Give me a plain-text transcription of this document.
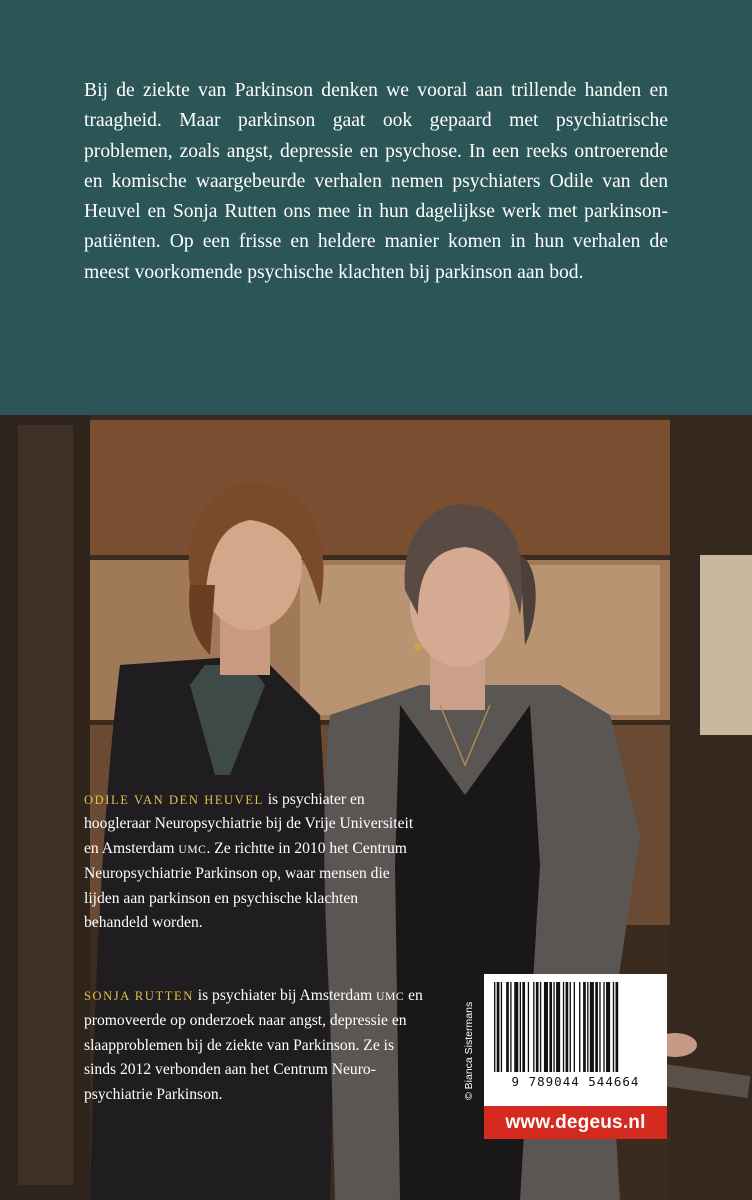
Bij de ziekte van Parkinson denken we vooral aan trillende handen en traagheid. Maar parkinson gaat ook gepaard met psychiatrische problemen, zoals angst, depressie en psychose. In een reeks ontroerende en komische waargebeurde verhalen nemen psychiaters Odile van den Heuvel en Sonja Rutten ons mee in hun dagelijkse werk met parkinsonpatiënten. Op een frisse en heldere manier komen in hun verhalen de meest voorkomende psychische klachten bij parkinson aan bod.

ODILE VAN DEN HEUVEL is psychiater en hoogleraar Neuropsychiatrie bij de Vrije Universiteit en Amsterdam UMC. Ze richtte in 2010 het Centrum Neuropsychiatrie Parkinson op, waar mensen die lijden aan parkinson en psychische klachten behandeld worden.
SONJA RUTTEN is psychiater bij Amsterdam UMC en promoveerde op onderzoek naar angst, depressie en slaapproblemen bij de ziekte van Parkinson. Ze is sinds 2012 verbonden aan het Centrum Neuropsychiatrie Parkinson.	© Bianca Sistermans	9 789044 544664
www.degeus.nl
